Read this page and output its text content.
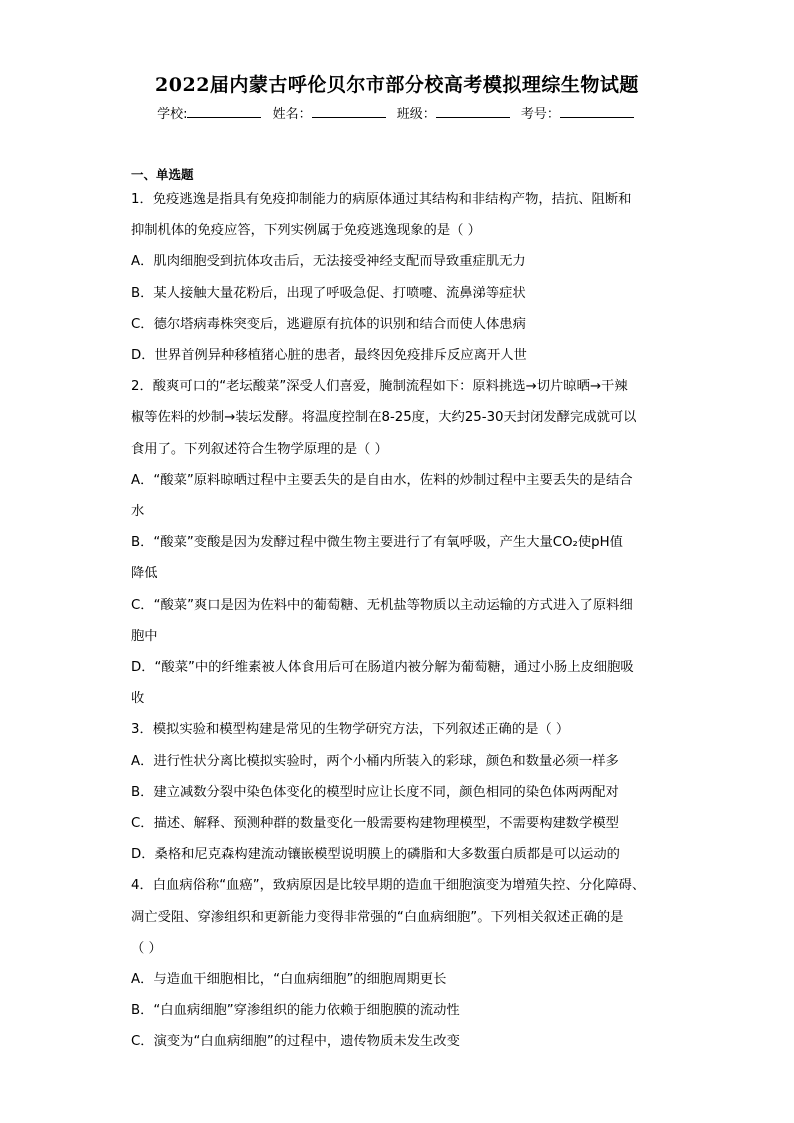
2022届内蒙古呼伦贝尔市部分校高考模拟理综生物试题
学校:	姓名：	班级：	考号：
一、单选题
1．免疫逃逸是指具有免疫抑制能力的病原体通过其结构和非结构产物，拮抗、阻断和
抑制机体的免疫应答，下列实例属于免疫逃逸现象的是（ ）
A．肌肉细胞受到抗体攻击后，无法接受神经支配而导致重症肌无力
B．某人接触大量花粉后，出现了呼吸急促、打喷嚏、流鼻涕等症状
C．德尔塔病毒株突变后，逃避原有抗体的识别和结合而使人体患病
D．世界首例异种移植猪心脏的患者，最终因免疫排斥反应离开人世
2．酸爽可口的“老坛酸菜”深受人们喜爱，腌制流程如下：原料挑选→切片晾晒→干辣
椒等佐料的炒制→装坛发酵。将温度控制在8-25度，大约25-30天封闭发酵完成就可以
食用了。下列叙述符合生物学原理的是（ ）
A．“酸菜”原料晾晒过程中主要丢失的是自由水，佐料的炒制过程中主要丢失的是结合
水
B．“酸菜”变酸是因为发酵过程中微生物主要进行了有氧呼吸，产生大量CO₂使pH值
降低
C．“酸菜”爽口是因为佐料中的葡萄糖、无机盐等物质以主动运输的方式进入了原料细
胞中
D．“酸菜”中的纤维素被人体食用后可在肠道内被分解为葡萄糖，通过小肠上皮细胞吸
收
3．模拟实验和模型构建是常见的生物学研究方法，下列叙述正确的是（ ）
A．进行性状分离比模拟实验时，两个小桶内所装入的彩球，颜色和数量必须一样多
B．建立减数分裂中染色体变化的模型时应让长度不同，颜色相同的染色体两两配对
C．描述、解释、预测种群的数量变化一般需要构建物理模型，不需要构建数学模型
D．桑格和尼克森构建流动镶嵌模型说明膜上的磷脂和大多数蛋白质都是可以运动的
4．白血病俗称“血癌”，致病原因是比较早期的造血干细胞演变为增殖失控、分化障碍、
凋亡受阻、穿渗组织和更新能力变得非常强的“白血病细胞”。下列相关叙述正确的是
（ ）
A．与造血干细胞相比，“白血病细胞”的细胞周期更长
B．“白血病细胞”穿渗组织的能力依赖于细胞膜的流动性
C．演变为“白血病细胞”的过程中，遗传物质未发生改变
